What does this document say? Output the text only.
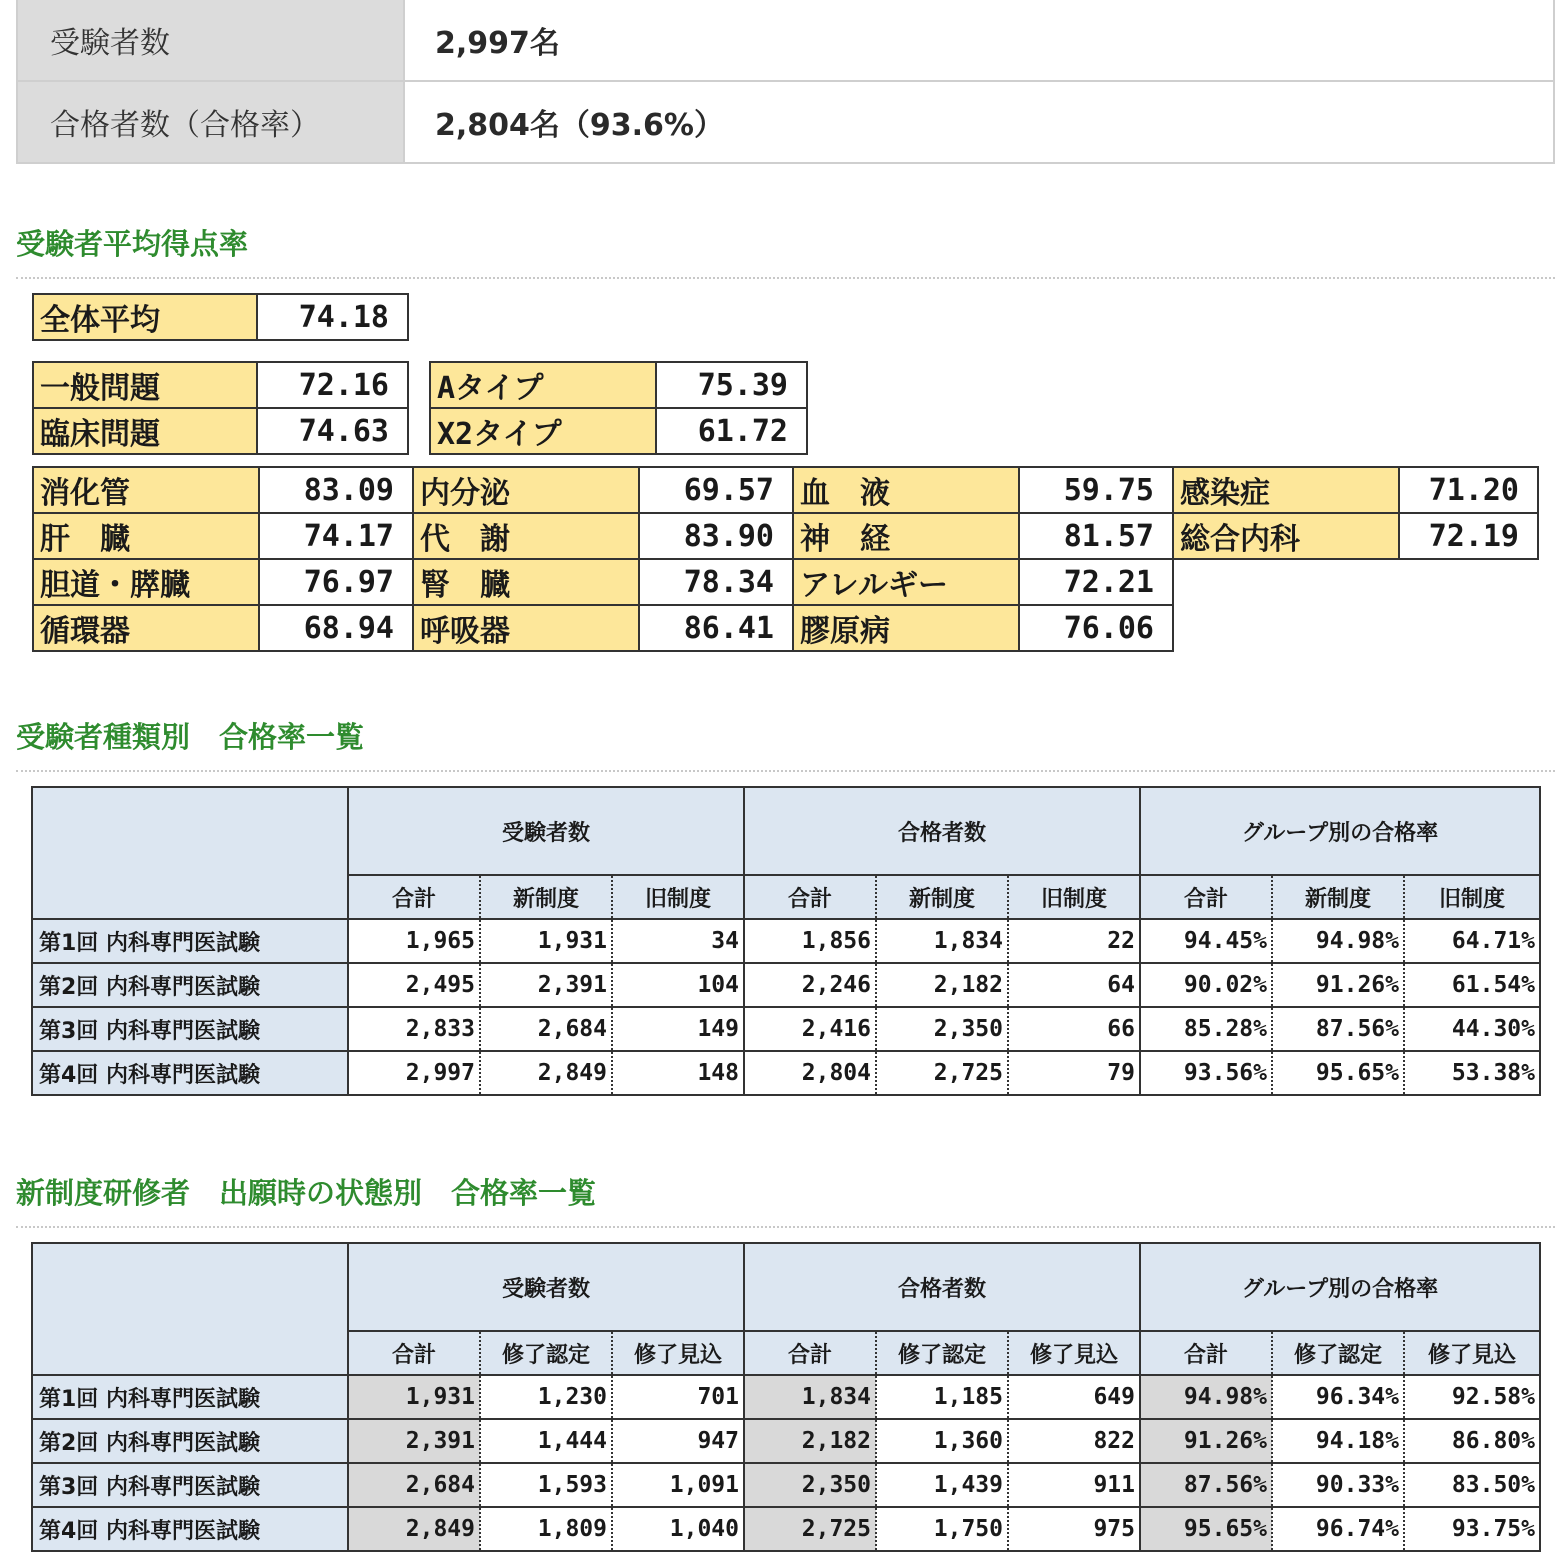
受験者数	2,997名
合格者数（合格率）	2,804名（93.6%）
受験者平均得点率
全体平均	74.18
一般問題	72.16
臨床問題	74.63
Aタイプ	75.39
X2タイプ	61.72
消化管	83.09	内分泌	69.57	血　液	59.75	感染症	71.20
肝　臓	74.17	代　謝	83.90	神　経	81.57	総合内科	72.19
胆道・膵臓	76.97	腎　臓	78.34	アレルギー	72.21		
循環器	68.94	呼吸器	86.41	膠原病	76.06		
受験者種類別　合格率一覧
	受験者数			合格者数			グループ別の合格率		
	合計	新制度	旧制度	合計	新制度	旧制度	合計	新制度	旧制度
第1回 内科専門医試験	1,965	1,931	34	1,856	1,834	22	94.45%	94.98%	64.71%
第2回 内科専門医試験	2,495	2,391	104	2,246	2,182	64	90.02%	91.26%	61.54%
第3回 内科専門医試験	2,833	2,684	149	2,416	2,350	66	85.28%	87.56%	44.30%
第4回 内科専門医試験	2,997	2,849	148	2,804	2,725	79	93.56%	95.65%	53.38%
新制度研修者　出願時の状態別　合格率一覧
	受験者数			合格者数			グループ別の合格率		
	合計	修了認定	修了見込	合計	修了認定	修了見込	合計	修了認定	修了見込
第1回 内科専門医試験	1,931	1,230	701	1,834	1,185	649	94.98%	96.34%	92.58%
第2回 内科専門医試験	2,391	1,444	947	2,182	1,360	822	91.26%	94.18%	86.80%
第3回 内科専門医試験	2,684	1,593	1,091	2,350	1,439	911	87.56%	90.33%	83.50%
第4回 内科専門医試験	2,849	1,809	1,040	2,725	1,750	975	95.65%	96.74%	93.75%
